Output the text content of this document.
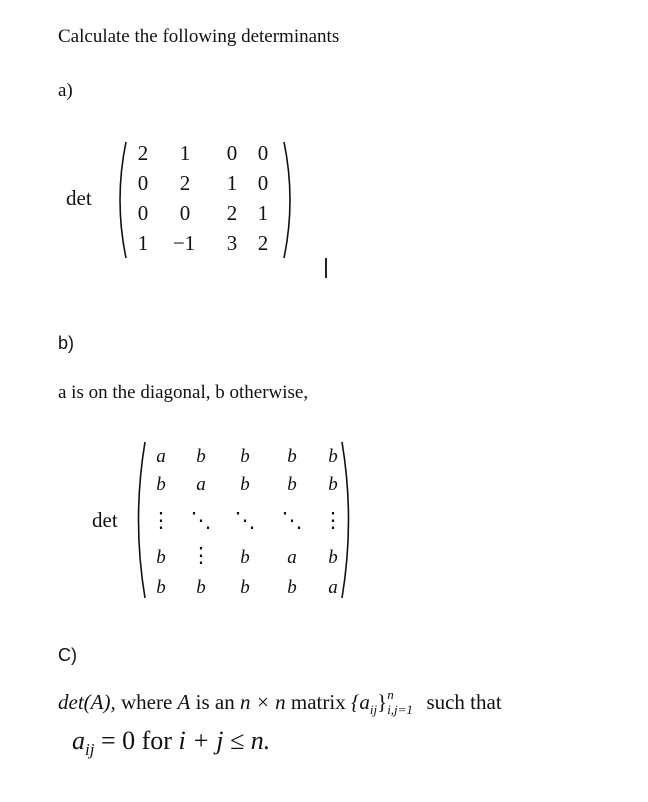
Calculate the following determinants
a)
det
2	1	0 0
0	2	1 0
0	0	2 1
1	−1	3 2
b)
a is on the diagonal, b otherwise,
det
a	b	b	b	b
b	a	b	b	b
⋮ ⋱ ⋱ ⋱ ⋮
b	⋮	b	a	b
b	b	b	b	a
C)
det(A), where A is an n × n matrix $\{a_{ij}\}$ n
i,j=1 such that
$a_{ij} = 0$ for i + j ≤ n.
